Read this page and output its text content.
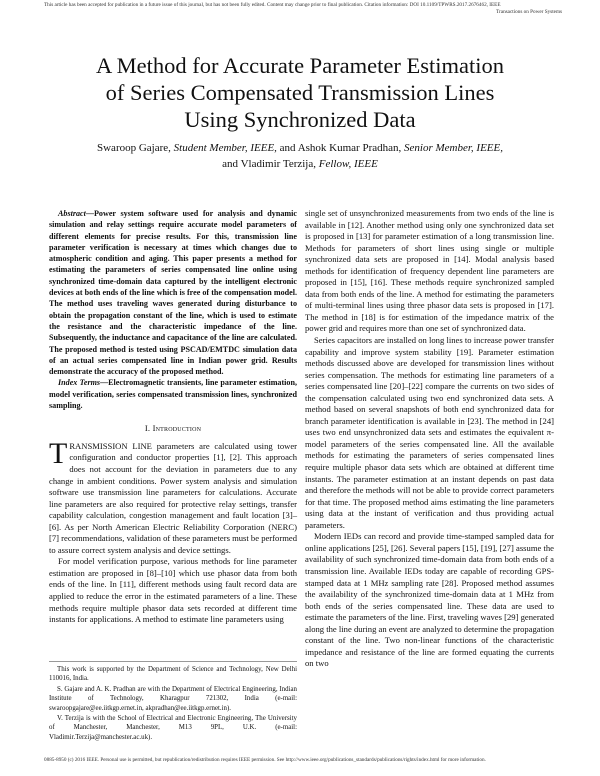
This article has been accepted for publication in a future issue of this journal, but has not been fully edited. Content may change prior to final publication. Citation information: DOI 10.1109/TPWRS.2017.2676462, IEEE
Transactions on Power Systems
A Method for Accurate Parameter Estimation
of Series Compensated Transmission Lines
Using Synchronized Data
Swaroop Gajare, Student Member, IEEE, and Ashok Kumar Pradhan, Senior Member, IEEE,
and Vladimir Terzija, Fellow, IEEE

Abstract—Power system software used for analysis and dynamic simulation and relay settings require accurate model parameters of different elements for precise results. For this, transmission line parameter verification is necessary at times which changes due to atmospheric condition and aging. This paper presents a method for estimating the parameters of series compensated line online using synchronized time-domain data captured by the intelligent electronic devices at both ends of the line which is free of the compensation model. The method uses traveling waves generated during disturbance to obtain the propagation constant of the line, which is used to estimate the resistance and the characteristic impedance of the line. Subsequently, the inductance and capacitance of the line are calculated. The proposed method is tested using PSCAD/EMTDC simulation data of an actual series compensated line in Indian power grid. Results demonstrate the accuracy of the proposed method.

Index Terms—Electromagnetic transients, line parameter estimation, model verification, series compensated transmission lines, synchronized sampling.

I. Introduction

TRANSMISSION LINE parameters are calculated using tower configuration and conductor properties [1], [2]. This approach does not account for the deviation in parameters due to any change in ambient conditions. Power system analysis and simulation software use transmission line parameters for calculations. Accurate line parameters are also required for protective relay settings, transfer capability calculation, congestion management and fault location [3]–[6]. As per North American Electric Reliability Corporation (NERC) [7] recommendations, validation of these parameters must be performed to assure correct system analysis and device settings.

For model verification purpose, various methods for line parameter estimation are proposed in [8]–[10] which use phasor data from both ends of the line. In [11], different methods using fault record data are applied to reduce the error in the estimated parameters of a line. These methods require multiple phasor data sets recorded at different time instants for applications. A method to estimate line parameters using

single set of unsynchronized measurements from two ends of the line is available in [12]. Another method using only one synchronized data set is proposed in [13] for parameter estimation of a long transmission line. Methods for parameters of short lines using single or multiple synchronized data sets are proposed in [14]. Modal analysis based methods for identification of frequency dependent line parameters are proposed in [15], [16]. These methods require synchronized sampled data from both ends of the line. A method for estimating the parameters of multi-terminal lines using three phasor data sets is proposed in [17]. The method in [18] is for estimation of the impedance matrix of the power grid and requires more than one set of synchronized data.

Series capacitors are installed on long lines to increase power transfer capability and improve system stability [19]. Parameter estimation methods discussed above are developed for transmission lines without series compensation. The methods for estimating line parameters of a series compensated line [20]–[22] compare the currents on two sides of the compensation calculated using two end synchronized data sets. A method based on several snapshots of both end synchronized data for branch parameter identification is available in [23]. The method in [24] uses two end unsynchronized data sets and estimates the equivalent π-model parameters of the series compensated line. All the available methods for estimating the parameters of series compensated lines require multiple phasor data sets which are obtained at different time instants. The parameter estimation at an instant depends on past data and therefore the methods will not be able to provide correct parameters for that time. The proposed method aims estimating the line parameters using data at the instant of verification and thus providing actual parameters.

Modern IEDs can record and provide time-stamped sampled data for online applications [25], [26]. Several papers [15], [19], [27] assume the availability of such synchronized time-domain data from both ends of a transmission line. Available IEDs today are capable of recording GPS-stamped data at 1 MHz sampling rate [28]. Proposed method assumes the availability of the synchronized time-domain data at 1 MHz from both ends of the series compensated line. These data are used to estimate the parameters of the line. First, traveling waves [29] generated along the line during an event are analyzed to determine the propagation constant of the line. Two non-linear functions of the characteristic impedance and resistance of the line are formed equating the currents on two

This work is supported by the Department of Science and Technology, New Delhi 110016, India.

S. Gajare and A. K. Pradhan are with the Department of Electrical Engineering, Indian Institute of Technology, Kharagpur 721302, India (e-mail: swaroopgajare@ee.iitkgp.ernet.in, akpradhan@ee.iitkgp.ernet.in).

V. Terzija is with the School of Electrical and Electronic Engineering, The University of Manchester, Manchester, M13 9PL, U.K. (e-mail: Vladimir.Terzija@manchester.ac.uk).

0885-8950 (c) 2016 IEEE. Personal use is permitted, but republication/redistribution requires IEEE permission. See http://www.ieee.org/publications_standards/publications/rights/index.html for more information.
